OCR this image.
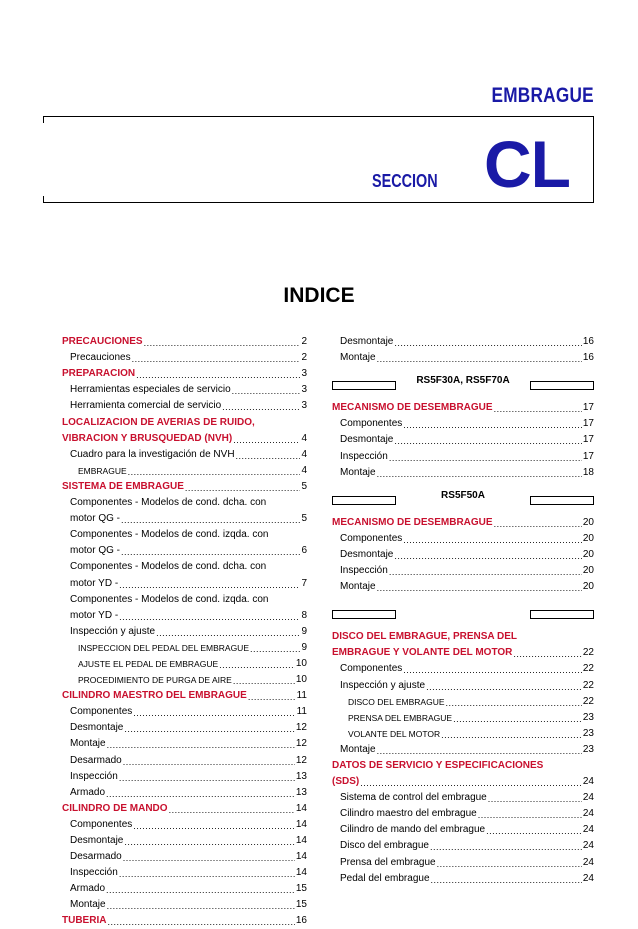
EMBRAGUE
SECCION CL
INDICE
PRECAUCIONES .....	2
Precauciones .....	2
PREPARACION .....	3
Herramientas especiales de servicio .....	3
Herramienta comercial de servicio .....	3
LOCALIZACION DE AVERIAS DE RUIDO,
VIBRACION Y BRUSQUEDAD (NVH) .....	4
Cuadro para la investigación de NVH .....	4
EMBRAGUE .....	4
SISTEMA DE EMBRAGUE .....	5
Componentes - Modelos de cond. dcha. con
motor QG - .....	5
Componentes - Modelos de cond. izqda. con
motor QG - .....	6
Componentes - Modelos de cond. dcha. con
motor YD - .....	7
Componentes - Modelos de cond. izqda. con
motor YD - .....	8
Inspección y ajuste .....	9
INSPECCION DEL PEDAL DEL EMBRAGUE .....	9
AJUSTE EL PEDAL DE EMBRAGUE .....	10
PROCEDIMIENTO DE PURGA DE AIRE .....	10
CILINDRO MAESTRO DEL EMBRAGUE .....	11
Componentes .....	11
Desmontaje .....	12
Montaje .....	12
Desarmado .....	12
Inspección .....	13
Armado .....	13
CILINDRO DE MANDO .....	14
Componentes .....	14
Desmontaje .....	14
Desarmado .....	14
Inspección .....	14
Armado .....	15
Montaje .....	15
TUBERIA .....	16
Desmontaje .....	16
Montaje .....	16
RS5F30A, RS5F70A
MECANISMO DE DESEMBRAGUE .....	17
Componentes .....	17
Desmontaje .....	17
Inspección .....	17
Montaje .....	18
RS5F50A
MECANISMO DE DESEMBRAGUE .....	20
Componentes .....	20
Desmontaje .....	20
Inspección .....	20
Montaje .....	20
DISCO DEL EMBRAGUE, PRENSA DEL
EMBRAGUE Y VOLANTE DEL MOTOR .....	22
Componentes .....	22
Inspección y ajuste .....	22
DISCO DEL EMBRAGUE .....	22
PRENSA DEL EMBRAGUE .....	23
VOLANTE DEL MOTOR .....	23
Montaje .....	23
DATOS DE SERVICIO Y ESPECIFICACIONES
(SDS) .....	24
Sistema de control del embrague .....	24
Cilindro maestro del embrague .....	24
Cilindro de mando del embrague .....	24
Disco del embrague .....	24
Prensa del embrague .....	24
Pedal del embrague .....	24
